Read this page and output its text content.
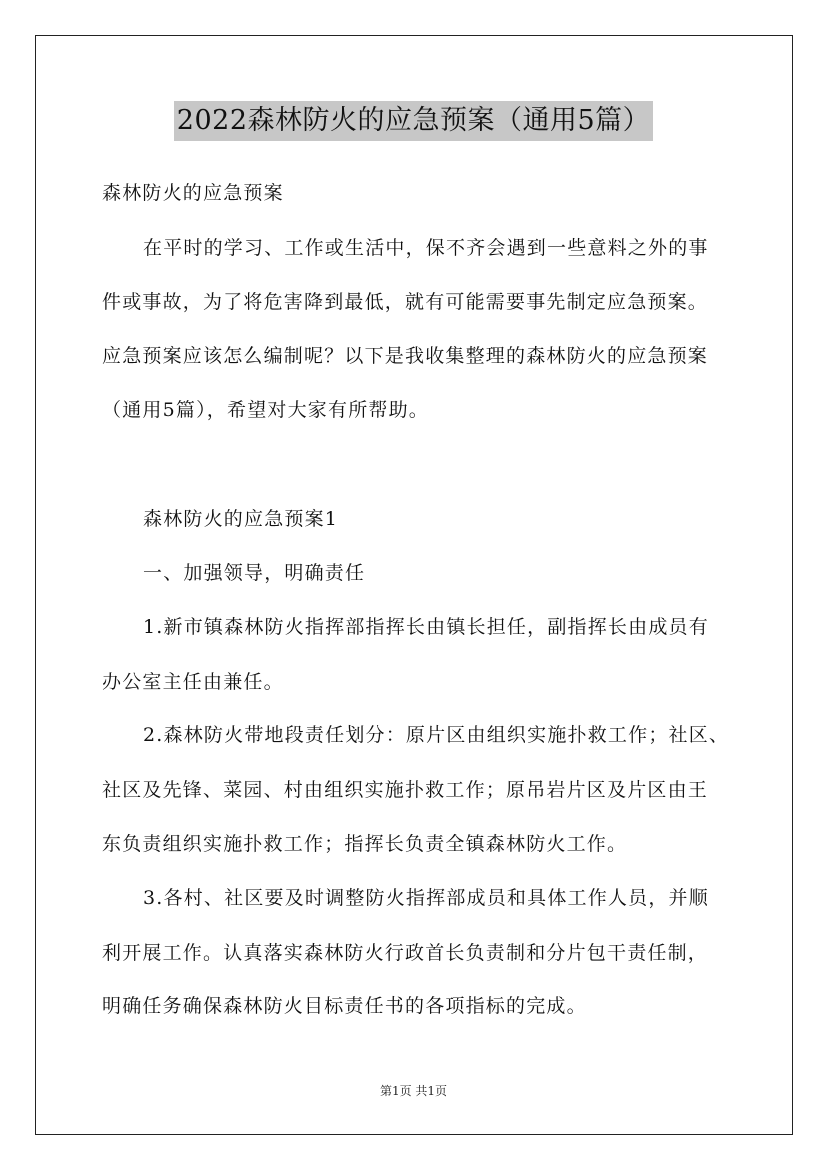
2022森林防火的应急预案（通用5篇）
森林防火的应急预案
在平时的学习、工作或生活中，保不齐会遇到一些意料之外的事
件或事故，为了将危害降到最低，就有可能需要事先制定应急预案。
应急预案应该怎么编制呢？以下是我收集整理的森林防火的应急预案
（通用5篇），希望对大家有所帮助。
森林防火的应急预案1
一、加强领导，明确责任
1.新市镇森林防火指挥部指挥长由镇长担任，副指挥长由成员有
办公室主任由兼任。
2.森林防火带地段责任划分：原片区由组织实施扑救工作；社区、
社区及先锋、菜园、村由组织实施扑救工作；原吊岩片区及片区由王
东负责组织实施扑救工作；指挥长负责全镇森林防火工作。
3.各村、社区要及时调整防火指挥部成员和具体工作人员，并顺
利开展工作。认真落实森林防火行政首长负责制和分片包干责任制，
明确任务确保森林防火目标责任书的各项指标的完成。
第1页 共1页
